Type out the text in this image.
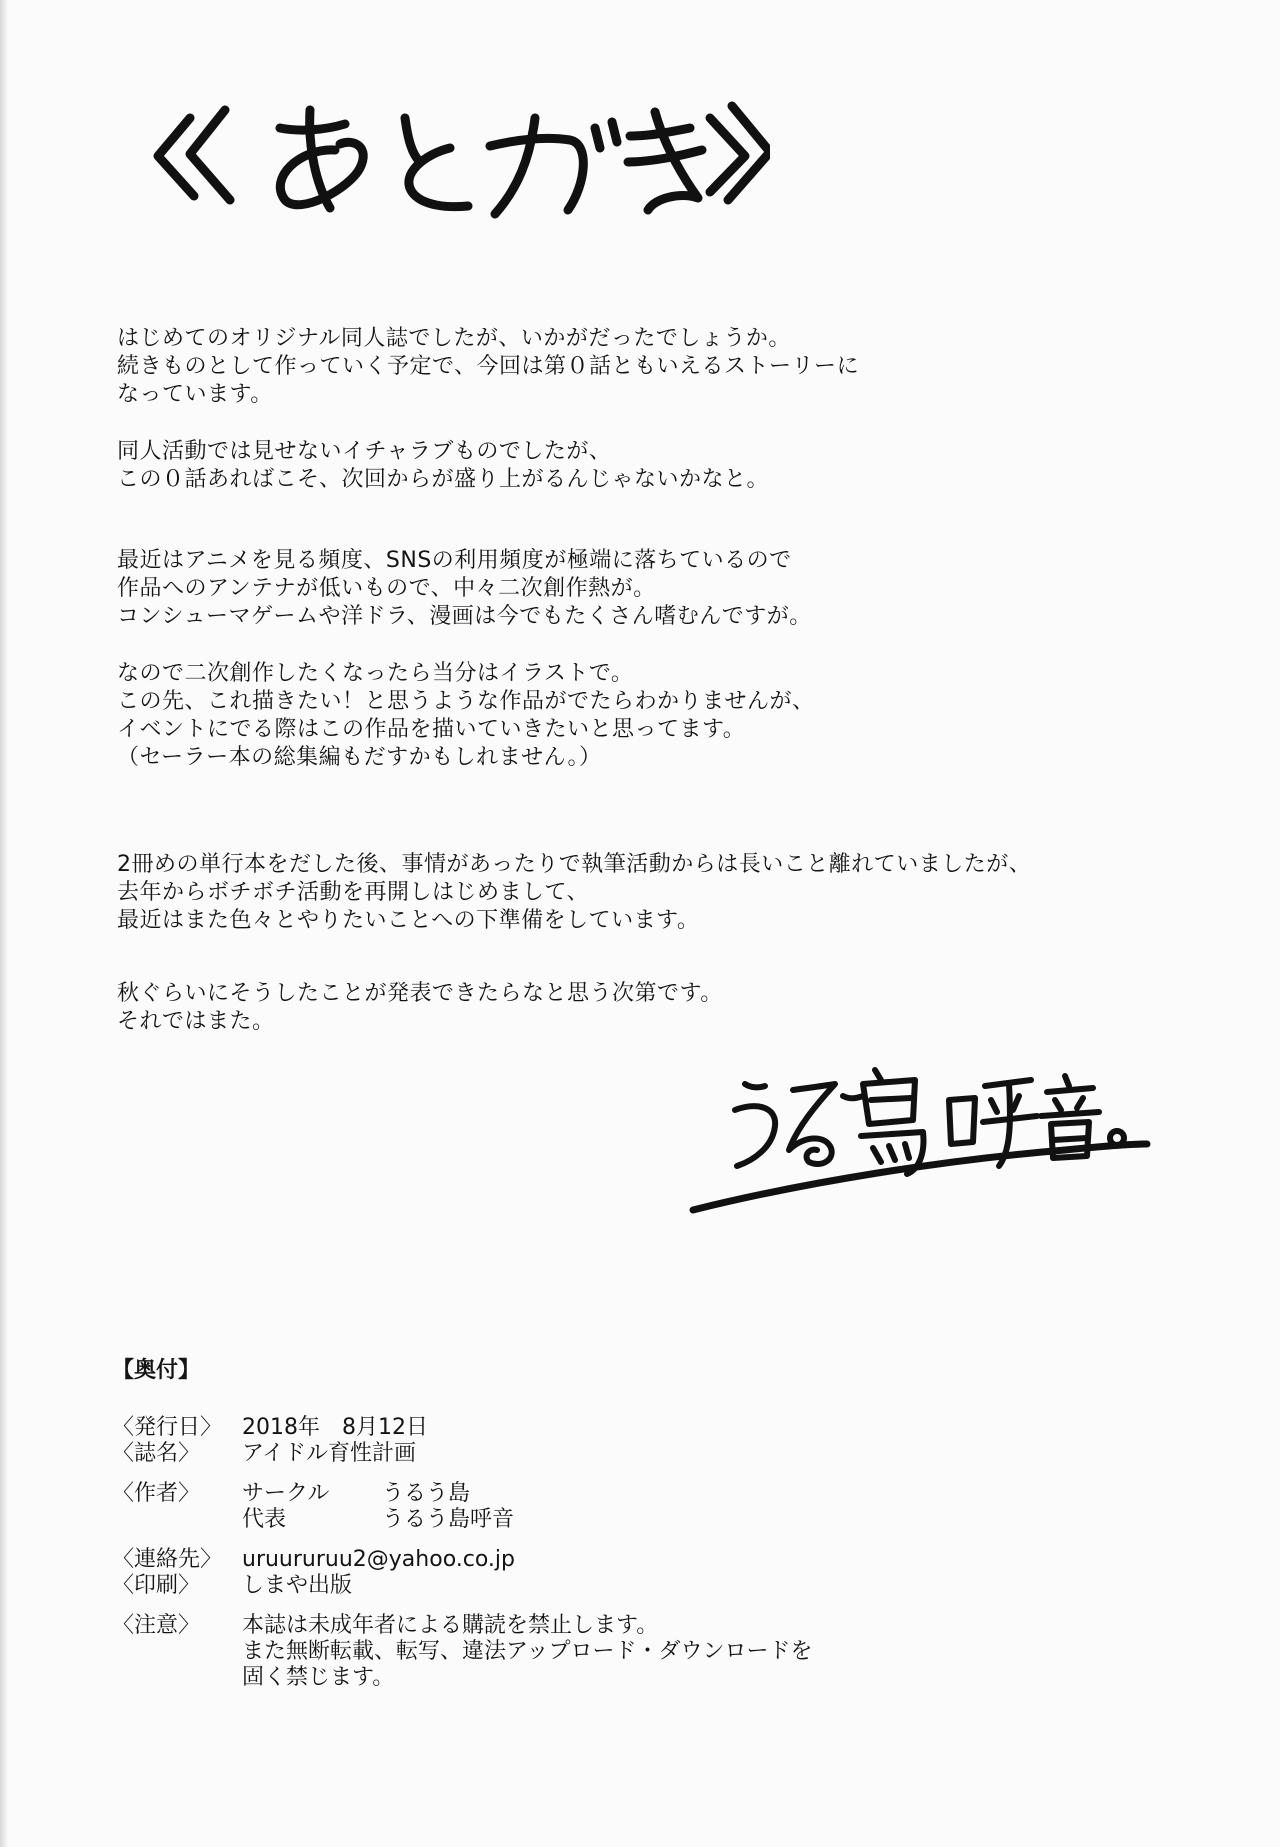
はじめてのオリジナル同人誌でしたが、いかがだったでしょうか。
続きものとして作っていく予定で、今回は第０話ともいえるストーリーに
なっています。
同人活動では見せないイチャラブものでしたが、
この０話あればこそ、次回からが盛り上がるんじゃないかなと。
最近はアニメを見る頻度、SNSの利用頻度が極端に落ちているので
作品へのアンテナが低いもので、中々二次創作熱が。
コンシューマゲームや洋ドラ、漫画は今でもたくさん嗜むんですが。
なので二次創作したくなったら当分はイラストで。
この先、これ描きたい！と思うような作品がでたらわかりませんが、
イベントにでる際はこの作品を描いていきたいと思ってます。
（セーラー本の総集編もだすかもしれません。）
2冊めの単行本をだした後、事情があったりで執筆活動からは長いこと離れていましたが、
去年からボチボチ活動を再開しはじめまして、
最近はまた色々とやりたいことへの下準備をしています。
秋ぐらいにそうしたことが発表できたらなと思う次第です。
それではまた。
【奥付】
〈発行日〉 2018年　8月12日
〈誌名〉	アイドル育性計画
〈作者〉	サークル	うるう島
代表	うるう島呼音
〈連絡先〉 uruururuu2@yahoo.co.jp
〈印刷〉	しまや出版
〈注意〉	本誌は未成年者による購読を禁止します。
また無断転載、転写、違法アップロード・ダウンロードを
固く禁じます。
